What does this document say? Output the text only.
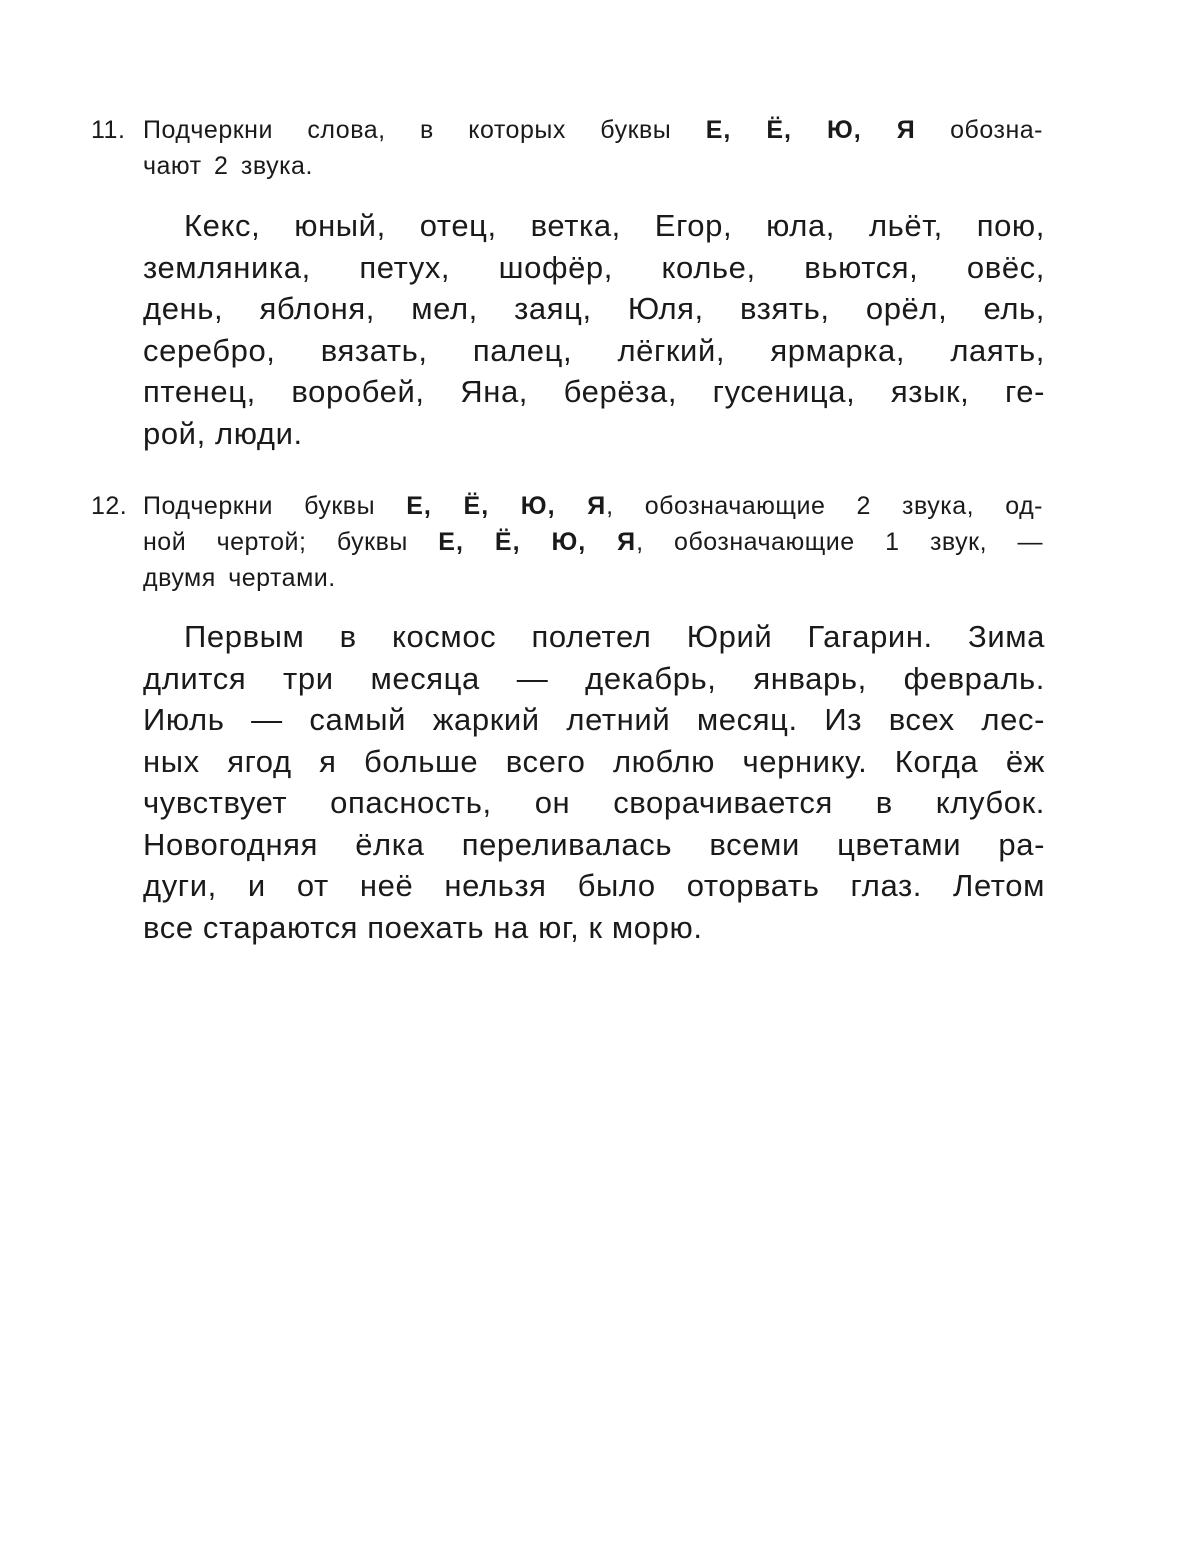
11. Подчеркни слова, в которых буквы Е, Ё, Ю, Я обозна-
чают 2 звука.
Кекс, юный, отец, ветка, Егор, юла, льёт, пою,
земляника, петух, шофёр, колье, вьются, овёс,
день, яблоня, мел, заяц, Юля, взять, орёл, ель,
серебро, вязать, палец, лёгкий, ярмарка, лаять,
птенец, воробей, Яна, берёза, гусеница, язык, ге-
рой, люди.
12. Подчеркни буквы Е, Ё, Ю, Я, обозначающие 2 звука, од-
ной чертой; буквы Е, Ё, Ю, Я, обозначающие 1 звук, —
двумя чертами.
Первым в космос полетел Юрий Гагарин. Зима
длится три месяца — декабрь, январь, февраль.
Июль — самый жаркий летний месяц. Из всех лес-
ных ягод я больше всего люблю чернику. Когда ёж
чувствует опасность, он сворачивается в клубок.
Новогодняя ёлка переливалась всеми цветами ра-
дуги, и от неё нельзя было оторвать глаз. Летом
все стараются поехать на юг, к морю.
